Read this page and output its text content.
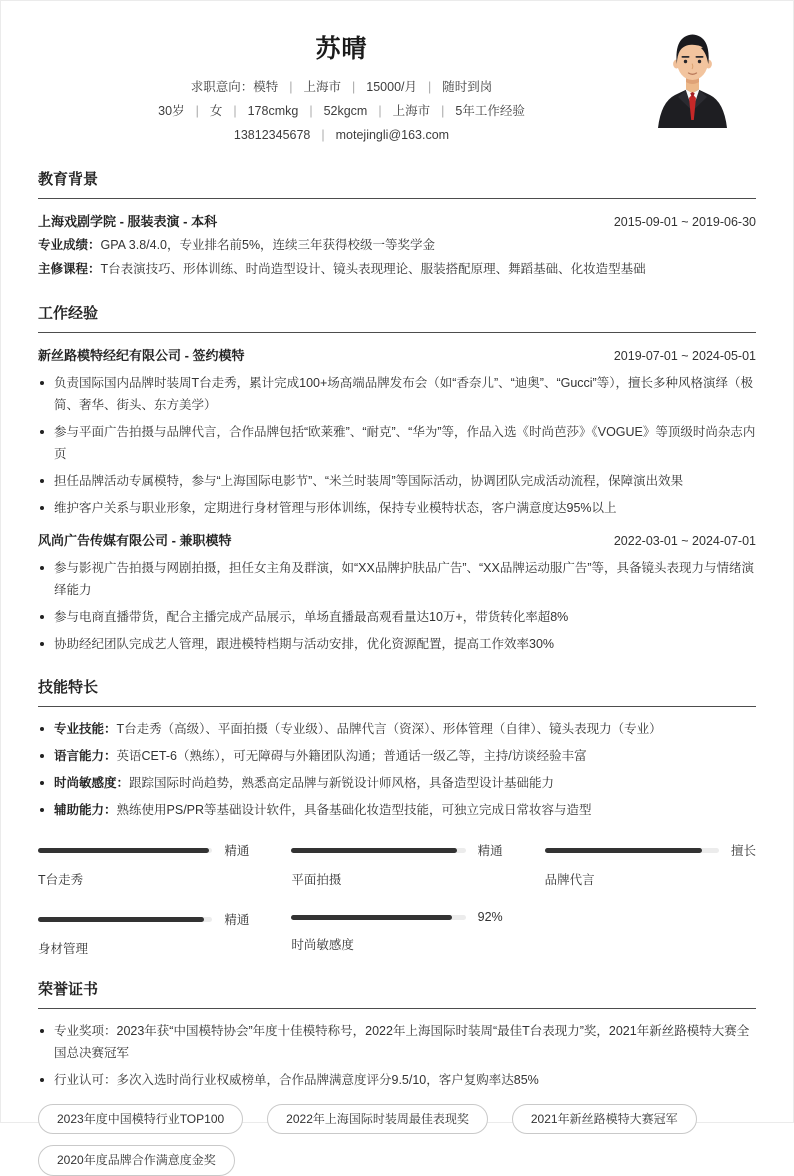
苏晴
求职意向：模特 | 上海市 | 15000/月 | 随时到岗
30岁 | 女 | 178cmkg | 52kgcm | 上海市 | 5年工作经验
13812345678 | motejingli@163.com
教育背景
上海戏剧学院 - 服装表演 - 本科	2015-09-01 ~ 2019-06-30
专业成绩：GPA 3.8/4.0，专业排名前5%，连续三年获得校级一等奖学金
主修课程：T台表演技巧、形体训练、时尚造型设计、镜头表现理论、服装搭配原理、舞蹈基础、化妆造型基础
工作经验
新丝路模特经纪有限公司 - 签约模特	2019-07-01 ~ 2024-05-01
负责国际国内品牌时装周T台走秀，累计完成100+场高端品牌发布会（如“香奈儿”、“迪奥”、“Gucci”等），擅长多种风格演绎（极简、奢华、街头、东方美学）
参与平面广告拍摄与品牌代言，合作品牌包括“欧莱雅”、“耐克”、“华为”等，作品入选《时尚芭莎》《VOGUE》等顶级时尚杂志内页
担任品牌活动专属模特，参与“上海国际电影节”、“米兰时装周”等国际活动，协调团队完成活动流程，保障演出效果
维护客户关系与职业形象，定期进行身材管理与形体训练，保持专业模特状态，客户满意度达95%以上
风尚广告传媒有限公司 - 兼职模特	2022-03-01 ~ 2024-07-01
参与影视广告拍摄与网剧拍摄，担任女主角及群演，如“XX品牌护肤品广告”、“XX品牌运动服广告”等，具备镜头表现力与情绪演绎能力
参与电商直播带货，配合主播完成产品展示，单场直播最高观看量达10万+，带货转化率超8%
协助经纪团队完成艺人管理，跟进模特档期与活动安排，优化资源配置，提高工作效率30%
技能特长
专业技能：T台走秀（高级）、平面拍摄（专业级）、品牌代言（资深）、形体管理（自律）、镜头表现力（专业）
语言能力：英语CET-6（熟练），可无障碍与外籍团队沟通；普通话一级乙等，主持/访谈经验丰富
时尚敏感度：跟踪国际时尚趋势，熟悉高定品牌与新锐设计师风格，具备造型设计基础能力
辅助能力：熟练使用PS/PR等基础设计软件，具备基础化妆造型技能，可独立完成日常妆容与造型
精通
T台走秀
精通
平面拍摄
擅长
品牌代言
精通
身材管理
92%
时尚敏感度
荣誉证书
专业奖项：2023年获“中国模特协会”年度十佳模特称号，2022年上海国际时装周“最佳T台表现力”奖，2021年新丝路模特大赛全国总决赛冠军
行业认可：多次入选时尚行业权威榜单，合作品牌满意度评分9.5/10，客户复购率达85%
2023年度中国模特行业TOP100	2022年上海国际时装周最佳表现奖	2021年新丝路模特大赛冠军
2020年度品牌合作满意度金奖
